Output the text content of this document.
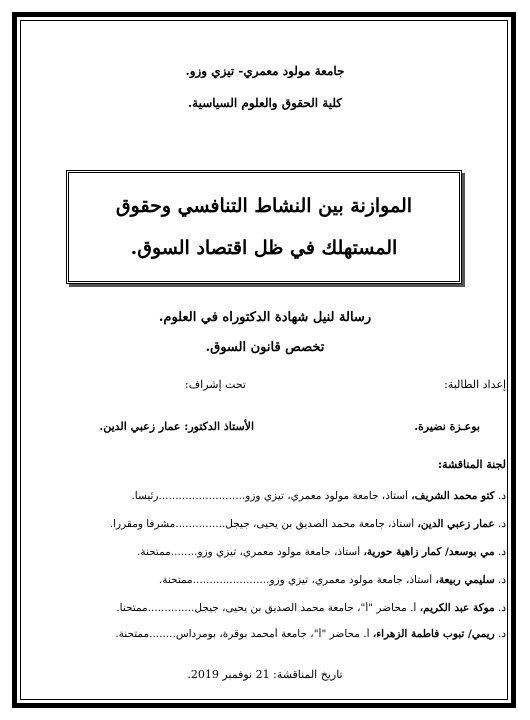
جامعة مولود معمري- تيزي وزو.
كلية الحقوق والعلوم السياسية.
الموازنة بين النشاط التنافسي وحقوق
المستهلك في ظل اقتصاد السوق.
رسالة لنيل شهادة الدكتوراه في العلوم.
تخصص قانون السوق.
إعداد الطالبة:
تحت إشراف:
بوعـزة نضيرة.
الأستاذ الدكتور: عمار زعبي الدين.
لجنة المناقشة:
د. كتو محمد الشريف، أستاذ، جامعة مولود معمري، تيزي وزو..........................رئيسا.
د. عمار زعبي الدين، أستاذ، جامعة محمد الصديق بن يحيى، جيجل...............مشرفا ومقررا.
د. مي بوسعد/ كمار زاهية حورية، أستاذ، جامعة مولود معمري، تيزي وزو........ممتحنة.
د. سليمي ربيعة، أستاذ، جامعة مولود معمري، تيزي وزو.......................ممتحنة.
د. موكة عبد الكريم، أ. محاضر "أ"، جامعة محمد الصديق بن يحيى، جيجل..............ممتحنا.
د. ريمي/ تبوب فاطمة الزهراء، أ. محاضر "أ"، جامعة أمحمد بوقرة، بومرداس........ممتحنة.
تاريخ المناقشة: 21 نوفمبر 2019.
